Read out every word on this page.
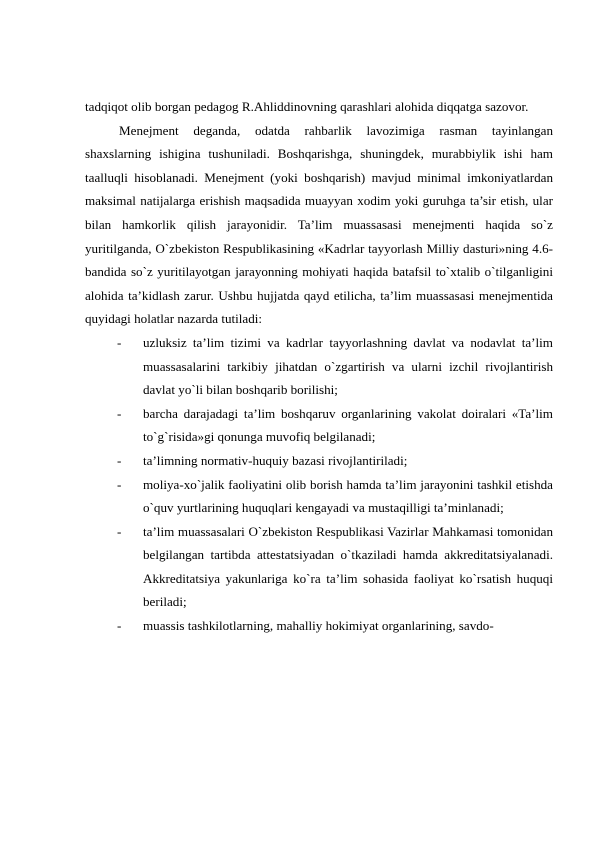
tadqiqot olib borgan pedagog R.Ahliddinovning qarashlari alohida diqqatga sazovor.

Menejment deganda, odatda rahbarlik lavozimiga rasman tayinlangan shaxslarning ishigina tushuniladi. Boshqarishga, shuningdek, murabbiylik ishi ham taalluqli hisoblanadi. Menejment (yoki boshqarish) mavjud minimal imkoniyatlardan maksimal natijalarga erishish maqsadida muayyan xodim yoki guruhga ta’sir etish, ular bilan hamkorlik qilish jarayonidir. Ta’lim muassasasi menejmenti haqida so`z yuritilganda, O`zbekiston Respublikasining «Kadrlar tayyorlash Milliy dasturi»ning 4.6-bandida so`z yuritilayotgan jarayonning mohiyati haqida batafsil to`xtalib o`tilganligini alohida ta’kidlash zarur. Ushbu hujjatda qayd etilicha, ta’lim muassasasi menejmentida quyidagi holatlar nazarda tutiladi:

- uzluksiz ta’lim tizimi va kadrlar tayyorlashning davlat va nodavlat ta’lim muassasalarini tarkibiy jihatdan o`zgartirish va ularni izchil rivojlantirish davlat yo`li bilan boshqarib borilishi;
- barcha darajadagi ta’lim boshqaruv organlarining vakolat doiralari «Ta’lim to`g`risida»gi qonunga muvofiq belgilanadi;
- ta’limning normativ-huquiy bazasi rivojlantiriladi;
- moliya-xo`jalik faoliyatini olib borish hamda ta’lim jarayonini tashkil etishda o`quv yurtlarining huquqlari kengayadi va mustaqilligi ta’minlanadi;
- ta’lim muassasalari O`zbekiston Respublikasi Vazirlar Mahkamasi tomonidan belgilangan tartibda attestatsiyadan o`tkaziladi hamda akkreditatsiyalanadi. Akkreditatsiya yakunlariga ko`ra ta’lim sohasida faoliyat ko`rsatish huquqi beriladi;
- muassis tashkilotlarning, mahalliy hokimiyat organlarining, savdo-
